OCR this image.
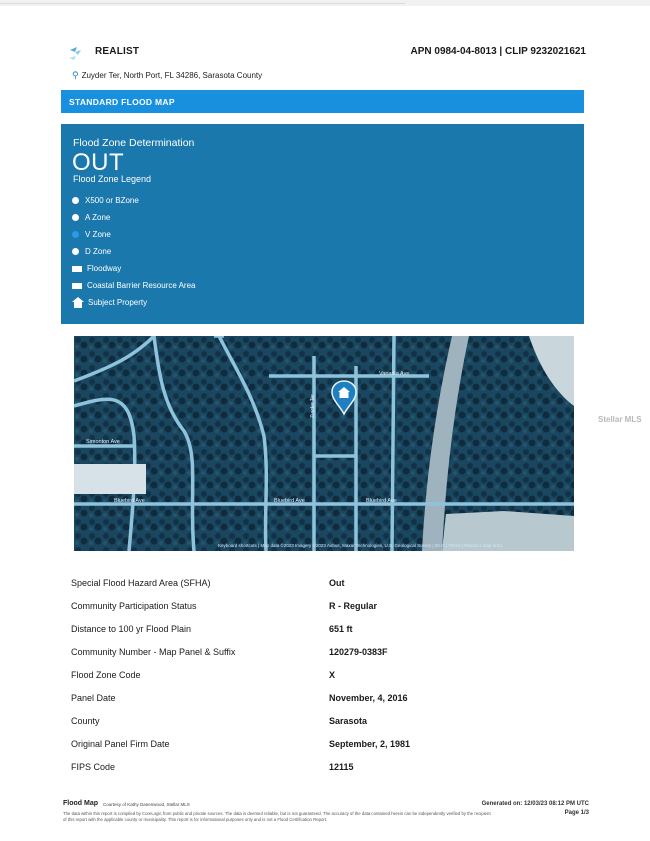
REALIST	APN 0984-04-8013 | CLIP 9232021621
⚲ Zuyder Ter, North Port, FL 34286, Sarasota County
STANDARD FLOOD MAP
Flood Zone Determination
OUT
Flood Zone Legend
X500 or BZone
A Zone
V Zone
D Zone
Floodway
Coastal Barrier Resource Area
Subject Property
Vanadia Ave
Simonton Ave
Bluebird Ave	Bluebird Ave	Bluebird Ave
Zuyder Ter
Keyboard shortcuts | Map data ©2023 Imagery ©2023 Airbus, Maxar Technologies, U.S. Geological Survey | 50 m | Terms | Report a map error
Stellar MLS
Special Flood Hazard Area (SFHA)	Out
Community Participation Status	R - Regular
Distance to 100 yr Flood Plain	651 ft
Community Number - Map Panel & Suffix	120279-0383F
Flood Zone Code	X
Panel Date	November, 4, 2016
County	Sarasota
Original Panel Firm Date	September, 2, 1981
FIPS Code	12115
Flood Map Courtesy of Kathy Danenwood, Stellar MLS	Generated on: 12/03/23 08:12 PM UTC
The data within this report is compiled by CoreLogic from public and private sources. The data is deemed reliable, but is not guaranteed. The accuracy of the data contained herein can be independently verified by the recipient of this report with the applicable county or municipality. This report is for informational purposes only and is not a Flood Certification Report.
Page 1/3
